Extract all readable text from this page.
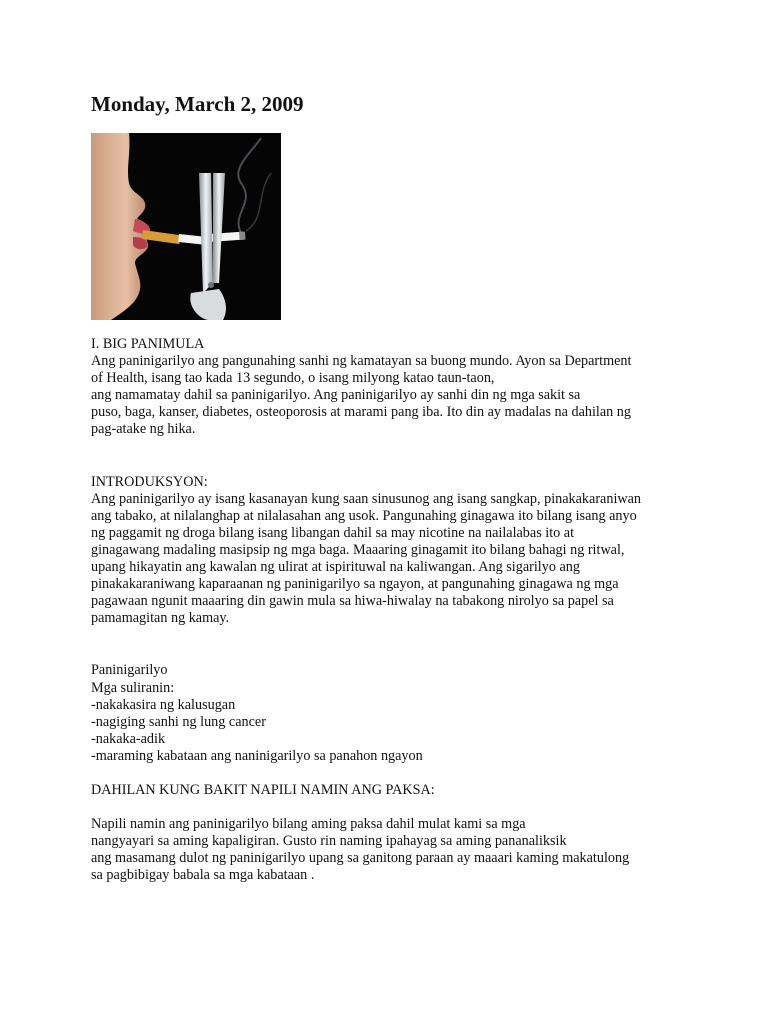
Monday, March 2, 2009
I. BIG PANIMULA
Ang paninigarilyo ang pangunahing sanhi ng kamatayan sa buong mundo. Ayon sa Department
of Health, isang tao kada 13 segundo, o isang milyong katao taun-taon,
ang namamatay dahil sa paninigarilyo. Ang paninigarilyo ay sanhi din ng mga sakit sa
puso, baga, kanser, diabetes, osteoporosis at marami pang iba. Ito din ay madalas na dahilan ng
pag-atake ng hika.
INTRODUKSYON:
Ang paninigarilyo ay isang kasanayan kung saan sinusunog ang isang sangkap, pinakakaraniwan
ang tabako, at nilalanghap at nilalasahan ang usok. Pangunahing ginagawa ito bilang isang anyo
ng paggamit ng droga bilang isang libangan dahil sa may nicotine na nailalabas ito at
ginagawang madaling masipsip ng mga baga. Maaaring ginagamit ito bilang bahagi ng ritwal,
upang hikayatin ang kawalan ng ulirat at ispirituwal na kaliwangan. Ang sigarilyo ang
pinakakaraniwang kaparaanan ng paninigarilyo sa ngayon, at pangunahing ginagawa ng mga
pagawaan ngunit maaaring din gawin mula sa hiwa-hiwalay na tabakong nirolyo sa papel sa
pamamagitan ng kamay.
Paninigarilyo
Mga suliranin:
-nakakasira ng kalusugan
-nagiging sanhi ng lung cancer
-nakaka-adik
-maraming kabataan ang naninigarilyo sa panahon ngayon
DAHILAN KUNG BAKIT NAPILI NAMIN ANG PAKSA:
Napili namin ang paninigarilyo bilang aming paksa dahil mulat kami sa mga
nangyayari sa aming kapaligiran. Gusto rin naming ipahayag sa aming pananaliksik
ang masamang dulot ng paninigarilyo upang sa ganitong paraan ay maaari kaming makatulong
sa pagbibigay babala sa mga kabataan .
